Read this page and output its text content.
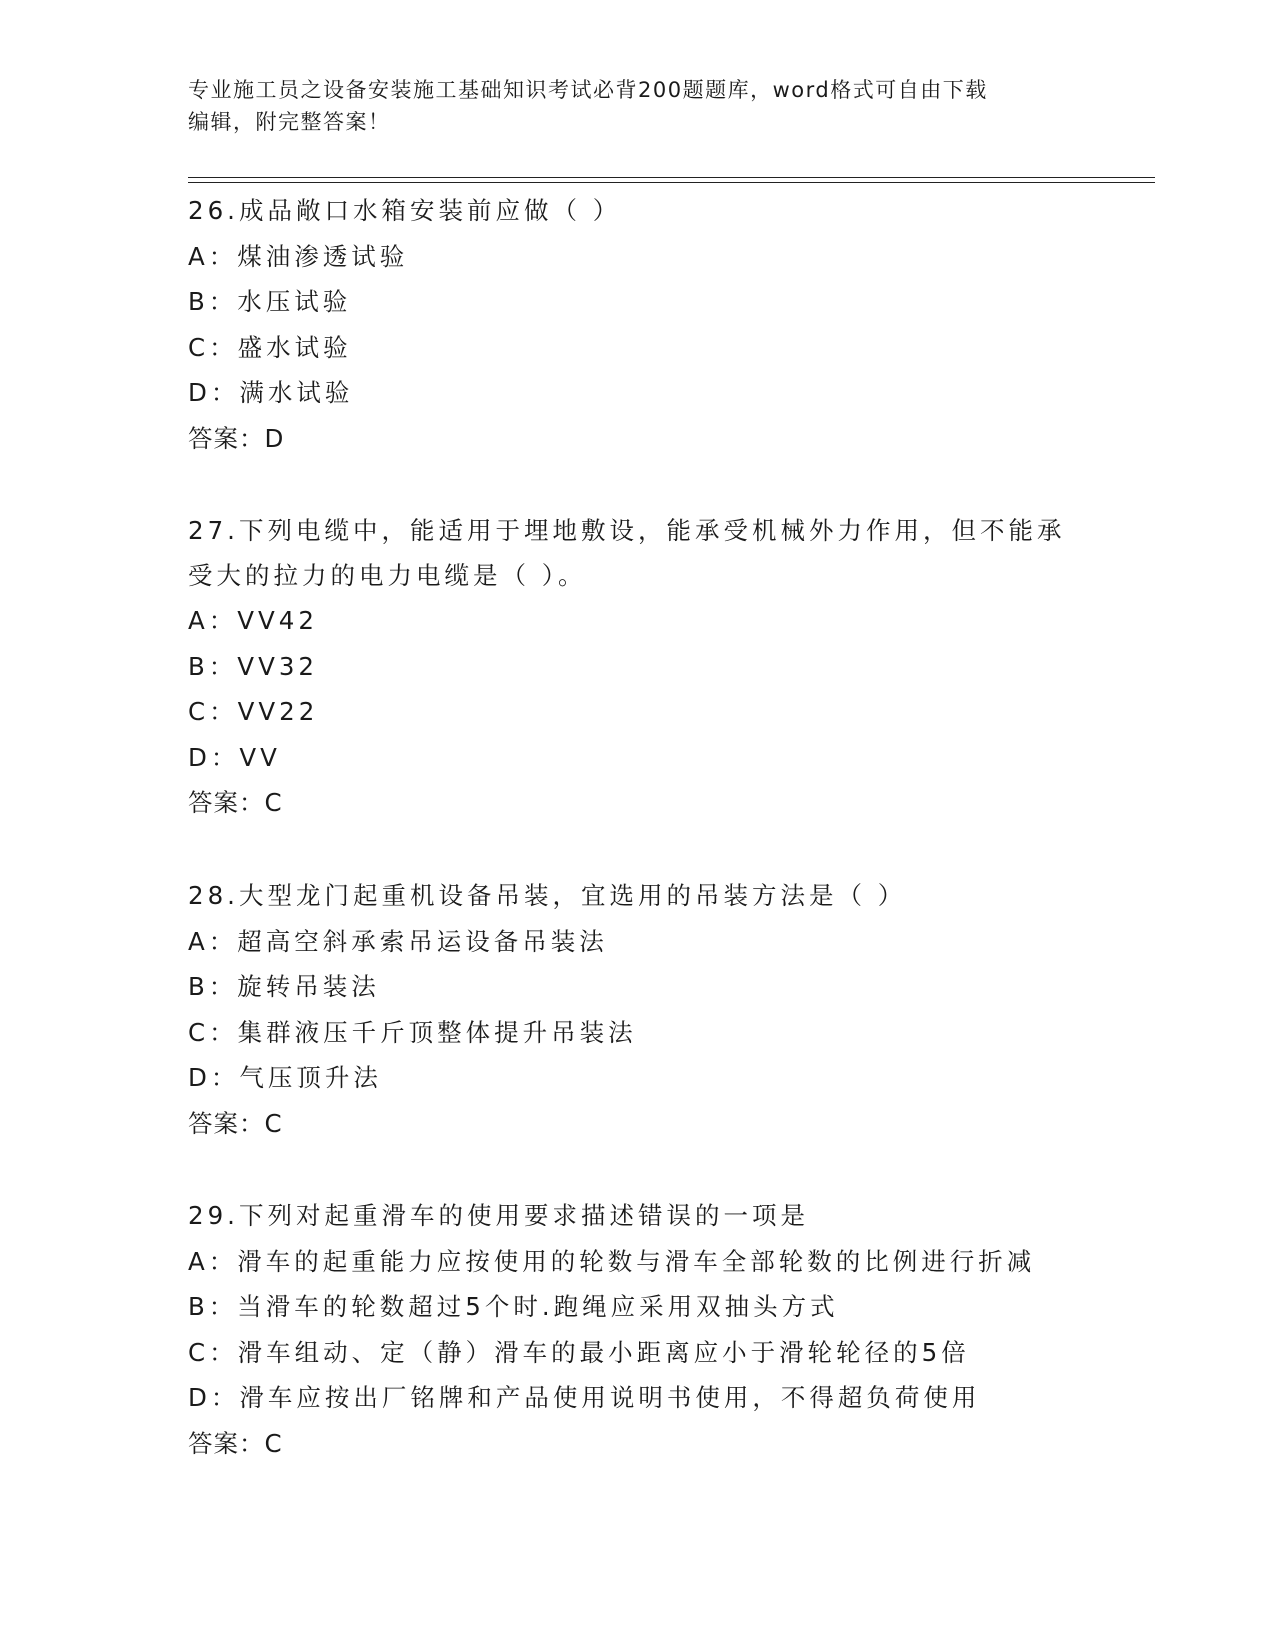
专业施工员之设备安装施工基础知识考试必背200题题库，word格式可自由下载
编辑，附完整答案！
26.成品敞口水箱安装前应做（ ）
A：煤油渗透试验
B：水压试验
C：盛水试验
D：满水试验
答案：D
27.下列电缆中，能适用于埋地敷设，能承受机械外力作用，但不能承
受大的拉力的电力电缆是（ ）。
A：VV42
B：VV32
C：VV22
D：VV
答案：C
28.大型龙门起重机设备吊装，宜选用的吊装方法是（ ）
A：超高空斜承索吊运设备吊装法
B：旋转吊装法
C：集群液压千斤顶整体提升吊装法
D：气压顶升法
答案：C
29.下列对起重滑车的使用要求描述错误的一项是
A：滑车的起重能力应按使用的轮数与滑车全部轮数的比例进行折减
B：当滑车的轮数超过5个时.跑绳应采用双抽头方式
C：滑车组动、定（静）滑车的最小距离应小于滑轮轮径的5倍
D：滑车应按出厂铭牌和产品使用说明书使用，不得超负荷使用
答案：C
